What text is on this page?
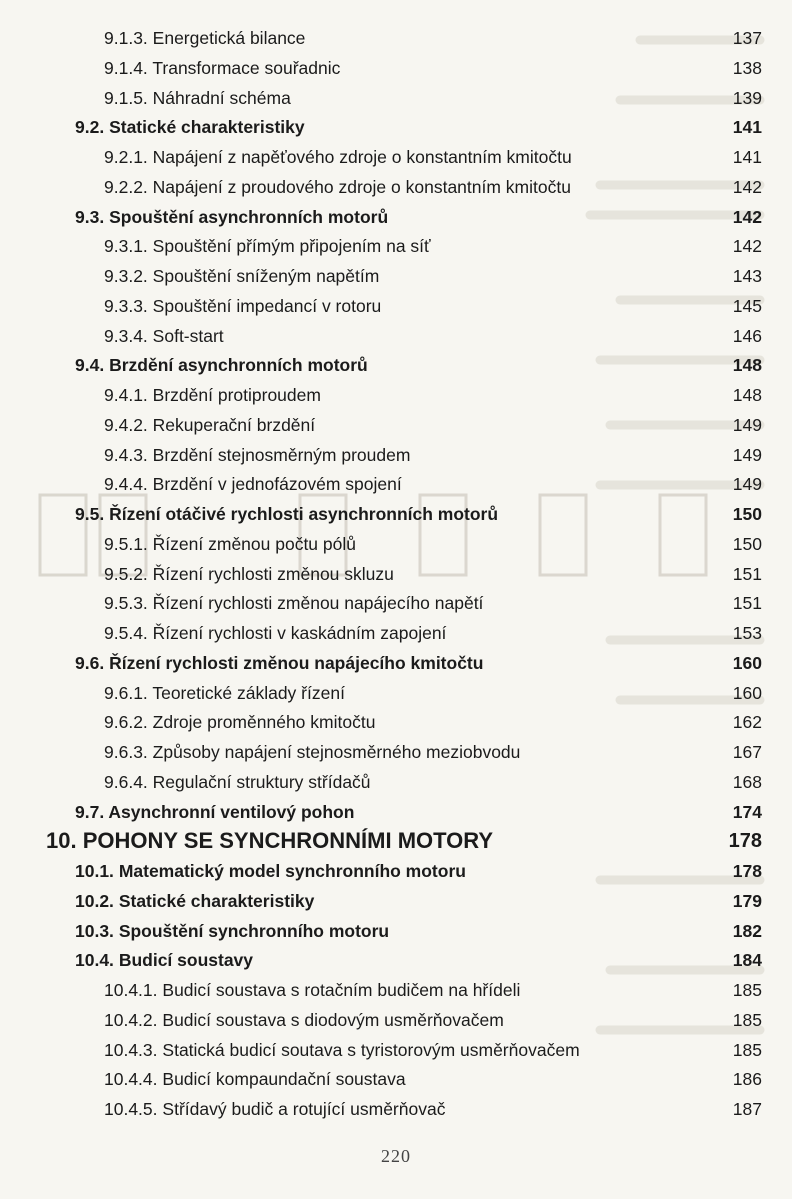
9.1.3. Energetická bilance	137
9.1.4. Transformace souřadnic	138
9.1.5. Náhradní schéma	139
9.2. Statické charakteristiky	141
9.2.1. Napájení z napěťového zdroje o konstantním kmitočtu	141
9.2.2. Napájení z proudového zdroje o konstantním kmitočtu	142
9.3. Spouštění asynchronních motorů	142
9.3.1. Spouštění přímým připojením na síť	142
9.3.2. Spouštění sníženým napětím	143
9.3.3. Spouštění impedancí v rotoru	145
9.3.4. Soft-start	146
9.4. Brzdění asynchronních motorů	148
9.4.1. Brzdění protiproudem	148
9.4.2. Rekuperační brzdění	149
9.4.3. Brzdění stejnosměrným proudem	149
9.4.4. Brzdění v jednofázovém spojení	149
9.5. Řízení otáčivé rychlosti asynchronních motorů	150
9.5.1. Řízení změnou počtu pólů	150
9.5.2. Řízení rychlosti změnou skluzu	151
9.5.3. Řízení rychlosti změnou napájecího napětí	151
9.5.4. Řízení rychlosti v kaskádním zapojení	153
9.6. Řízení rychlosti změnou napájecího kmitočtu	160
9.6.1. Teoretické základy řízení	160
9.6.2. Zdroje proměnného kmitočtu	162
9.6.3. Způsoby napájení stejnosměrného meziobvodu	167
9.6.4. Regulační struktury střídačů	168
9.7. Asynchronní ventilový pohon	174
10. POHONY SE SYNCHRONNÍMI MOTORY	178
10.1. Matematický model synchronního motoru	178
10.2. Statické charakteristiky	179
10.3. Spouštění synchronního motoru	182
10.4. Budicí soustavy	184
10.4.1. Budicí soustava s rotačním budičem na hřídeli	185
10.4.2. Budicí soustava s diodovým usměrňovačem	185
10.4.3. Statická budicí soutava s tyristorovým usměrňovačem	185
10.4.4. Budicí kompaundační soustava	186
10.4.5. Střídavý budič a rotující usměrňovač	187
220
